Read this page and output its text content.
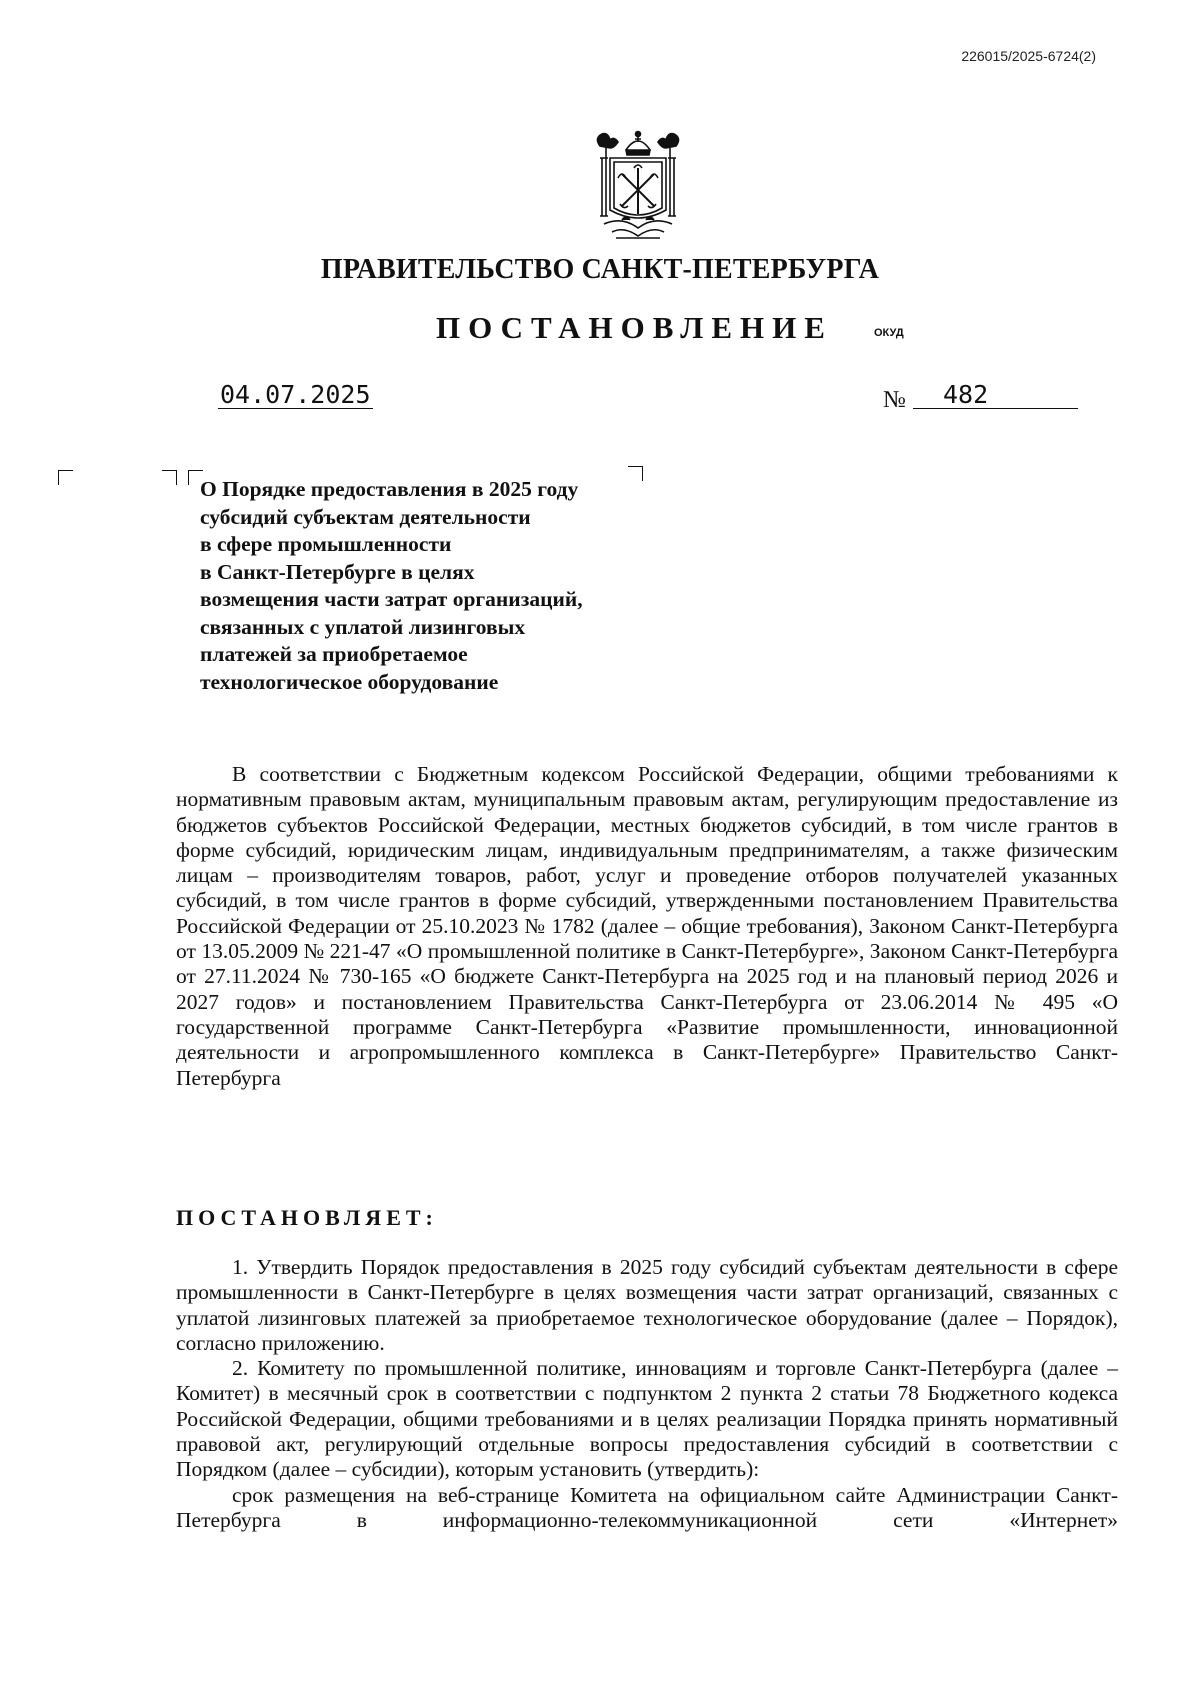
226015/2025-6724(2)
ПРАВИТЕЛЬСТВО САНКТ-ПЕТЕРБУРГА
ПОСТАНОВЛЕНИЕ	ОКУД
04.07.2025	№	482
О Порядке предоставления в 2025 году
субсидий субъектам деятельности
в сфере промышленности
в Санкт-Петербурге в целях
возмещения части затрат организаций,
связанных с уплатой лизинговых
платежей за приобретаемое
технологическое оборудование

В соответствии с Бюджетным кодексом Российской Федерации, общими требованиями к нормативным правовым актам, муниципальным правовым актам, регулирующим предоставление из бюджетов субъектов Российской Федерации, местных бюджетов субсидий, в том числе грантов в форме субсидий, юридическим лицам, индивидуальным предпринимателям, а также физическим лицам – производителям товаров, работ, услуг и проведение отборов получателей указанных субсидий, в том числе грантов в форме субсидий, утвержденными постановлением Правительства Российской Федерации от 25.10.2023 № 1782 (далее – общие требования), Законом Санкт-Петербурга от 13.05.2009 № 221-47 «О промышленной политике в Санкт-Петербурге», Законом Санкт-Петербурга от 27.11.2024 № 730-165 «О бюджете Санкт-Петербурга на 2025 год и на плановый период 2026 и 2027 годов» и постановлением Правительства Санкт-Петербурга от 23.06.2014 № 495 «О государственной программе Санкт-Петербурга «Развитие промышленности, инновационной деятельности и агропромышленного комплекса в Санкт-Петербурге» Правительство Санкт-Петербурга

ПОСТАНОВЛЯЕТ:

1. Утвердить Порядок предоставления в 2025 году субсидий субъектам деятельности в сфере промышленности в Санкт-Петербурге в целях возмещения части затрат организаций, связанных с уплатой лизинговых платежей за приобретаемое технологическое оборудование (далее – Порядок), согласно приложению.

2. Комитету по промышленной политике, инновациям и торговле Санкт-Петербурга (далее – Комитет) в месячный срок в соответствии с подпунктом 2 пункта 2 статьи 78 Бюджетного кодекса Российской Федерации, общими требованиями и в целях реализации Порядка принять нормативный правовой акт, регулирующий отдельные вопросы предоставления субсидий в соответствии с Порядком (далее – субсидии), которым установить (утвердить):

срок размещения на веб-странице Комитета на официальном сайте Администрации Санкт-Петербурга в информационно-телекоммуникационной сети «Интернет»
